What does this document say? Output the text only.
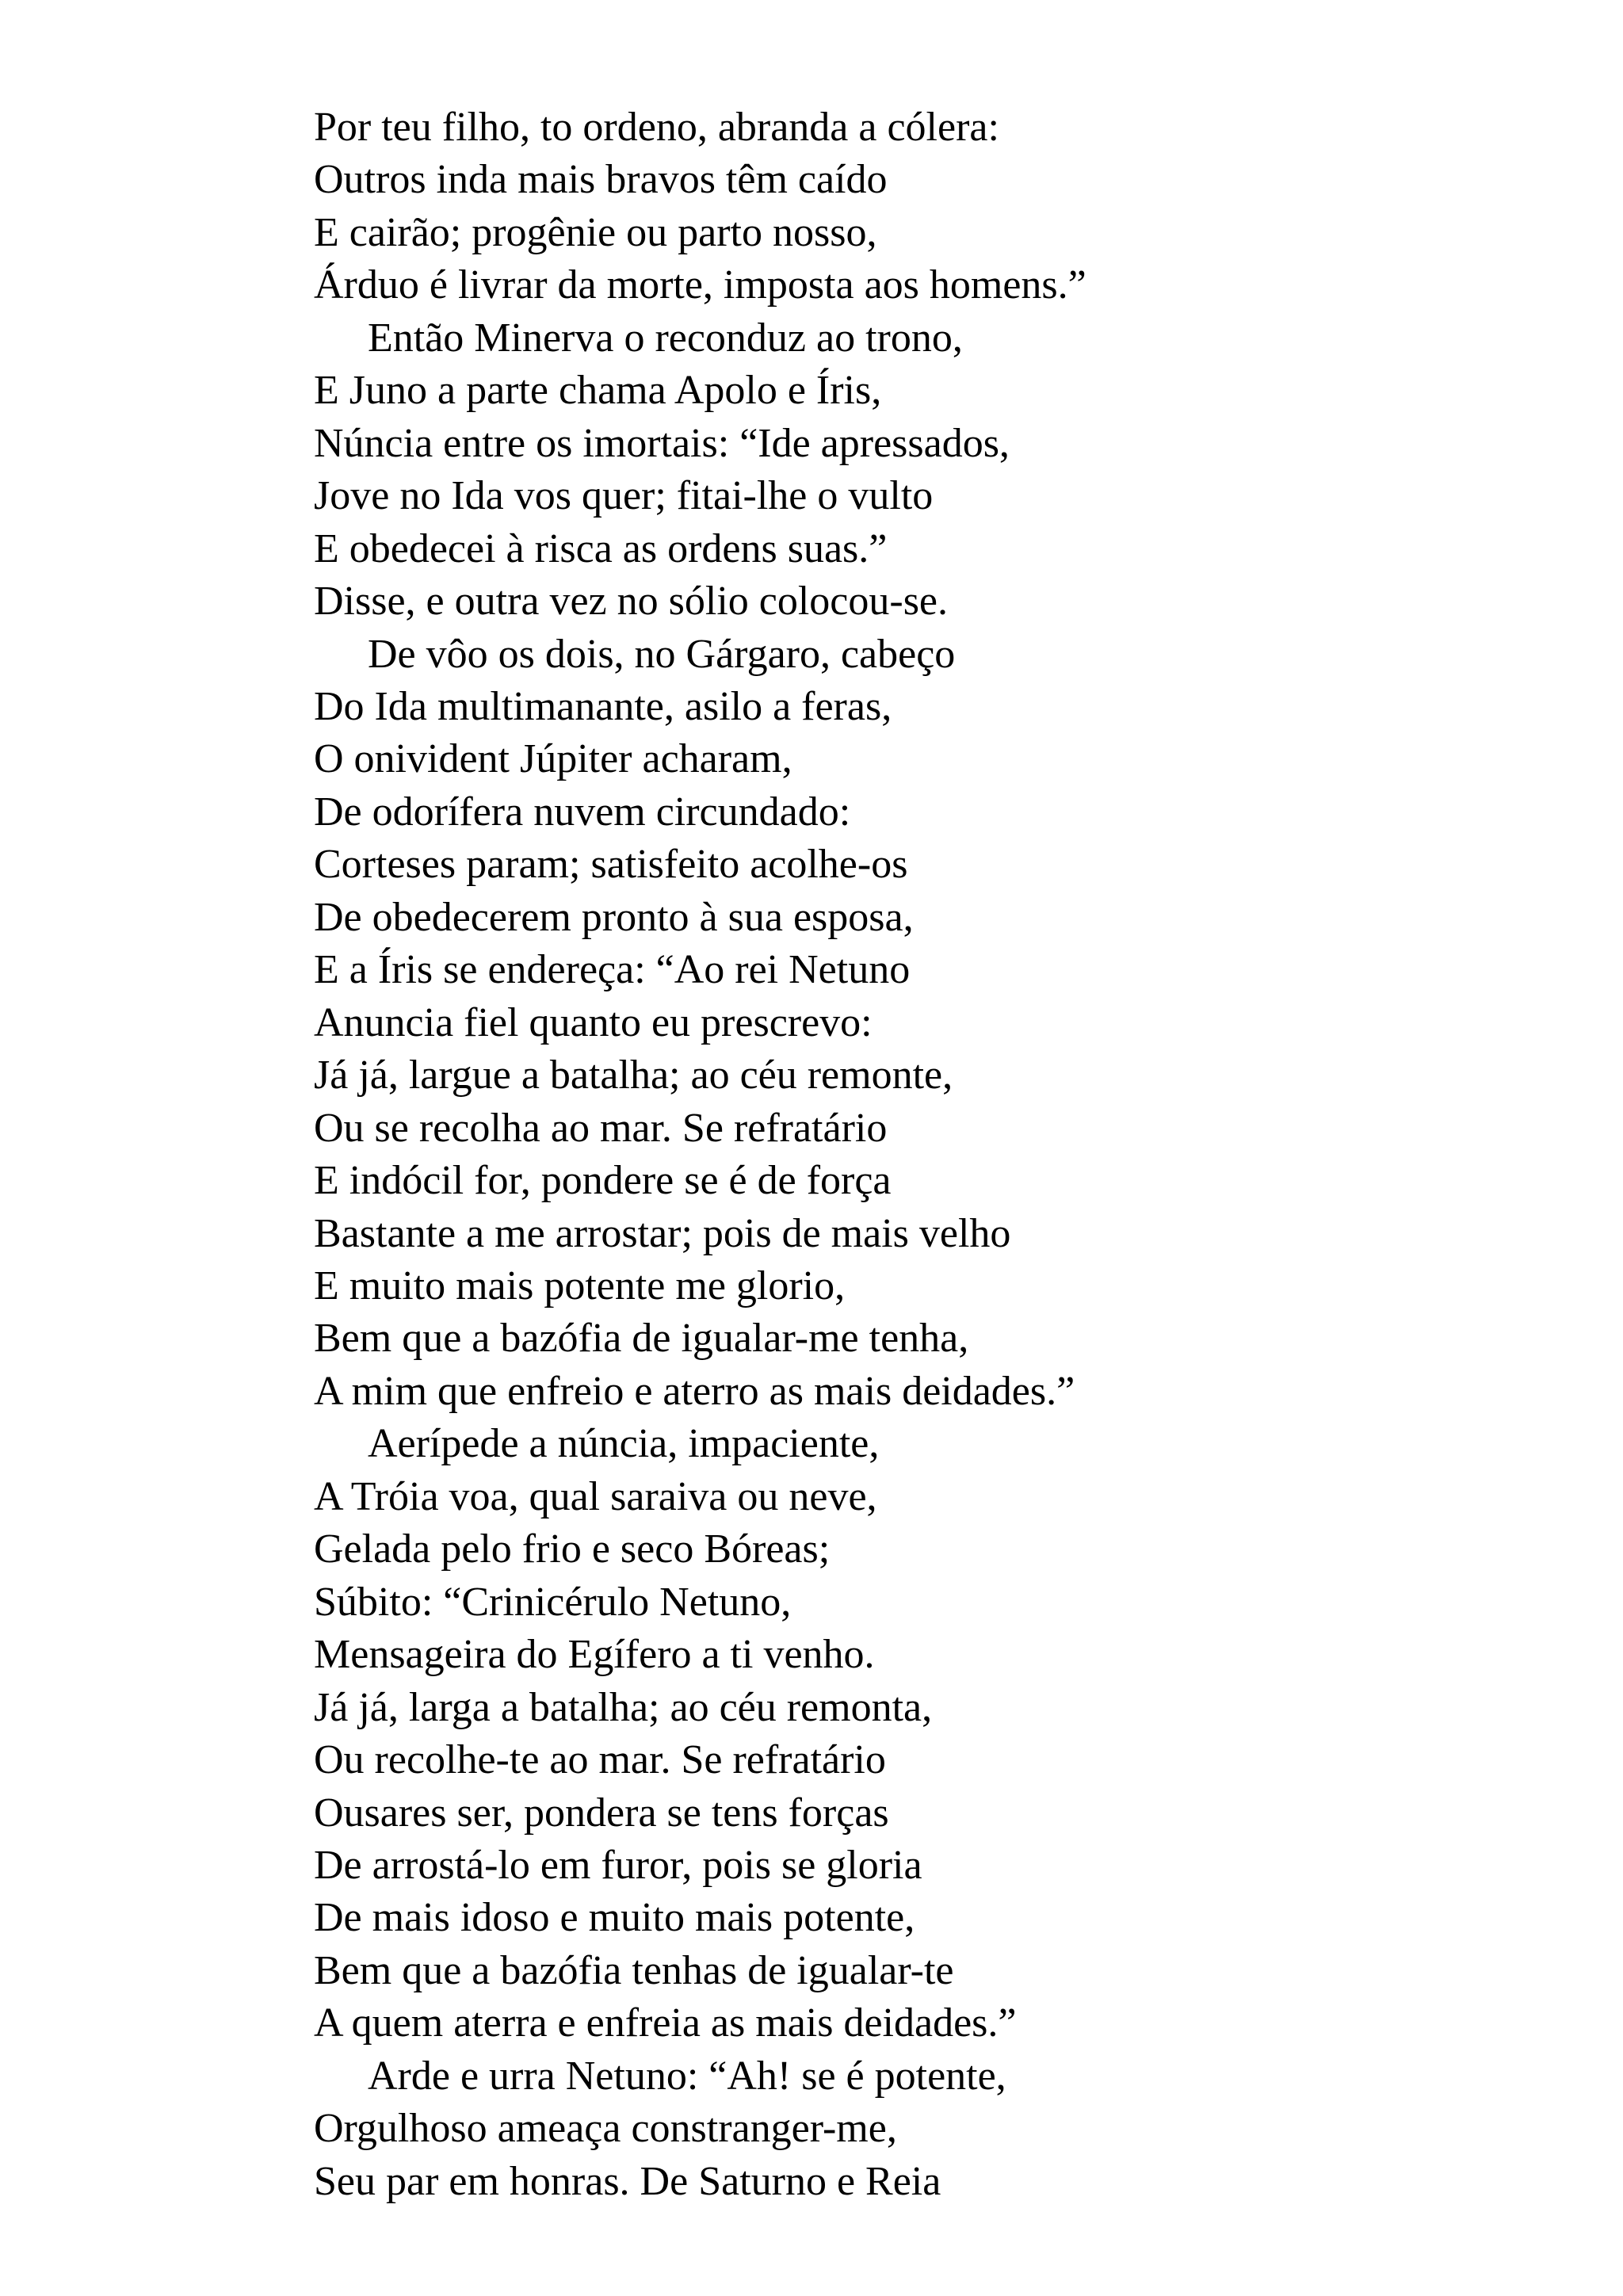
Por teu filho, to ordeno, abranda a cólera:
Outros inda mais bravos têm caído
E cairão; progênie ou parto nosso,
Árduo é livrar da morte, imposta aos homens.”
Então Minerva o reconduz ao trono,
E Juno a parte chama Apolo e Íris,
Núncia entre os imortais: “Ide apressados,
Jove no Ida vos quer; fitai-lhe o vulto
E obedecei à risca as ordens suas.”
Disse, e outra vez no sólio colocou-se.
De vôo os dois, no Gárgaro, cabeço
Do Ida multimanante, asilo a feras,
O onivident Júpiter acharam,
De odorífera nuvem circundado:
Corteses param; satisfeito acolhe-os
De obedecerem pronto à sua esposa,
E a Íris se endereça: “Ao rei Netuno
Anuncia fiel quanto eu prescrevo:
Já já, largue a batalha; ao céu remonte,
Ou se recolha ao mar. Se refratário
E indócil for, pondere se é de força
Bastante a me arrostar; pois de mais velho
E muito mais potente me glorio,
Bem que a bazófia de igualar-me tenha,
A mim que enfreio e aterro as mais deidades.”
Aerípede a núncia, impaciente,
A Tróia voa, qual saraiva ou neve,
Gelada pelo frio e seco Bóreas;
Súbito: “Crinicérulo Netuno,
Mensageira do Egífero a ti venho.
Já já, larga a batalha; ao céu remonta,
Ou recolhe-te ao mar. Se refratário
Ousares ser, pondera se tens forças
De arrostá-lo em furor, pois se gloria
De mais idoso e muito mais potente,
Bem que a bazófia tenhas de igualar-te
A quem aterra e enfreia as mais deidades.”
Arde e urra Netuno: “Ah! se é potente,
Orgulhoso ameaça constranger-me,
Seu par em honras. De Saturno e Reia
